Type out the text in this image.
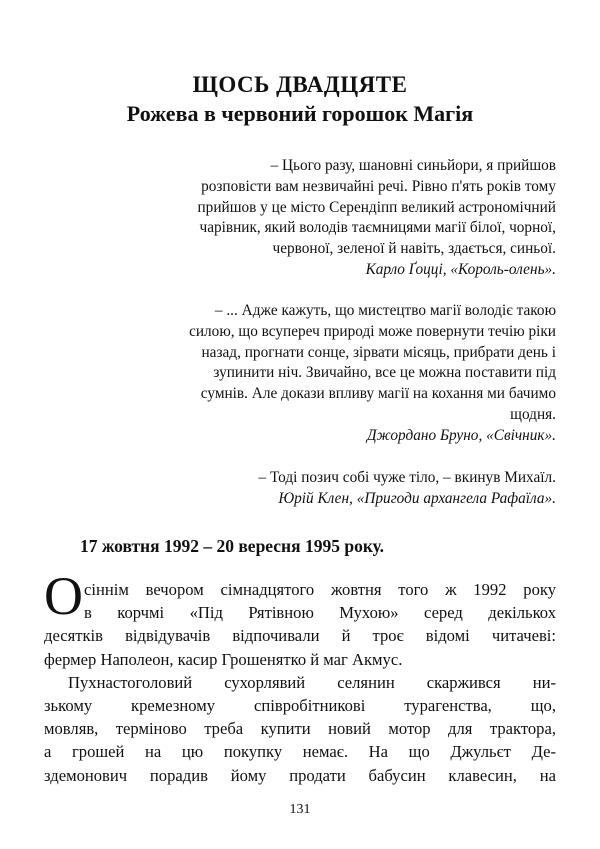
ЩОСЬ ДВАДЦЯТЕ
Рожева в червоний горошок Магія
– Цього разу, шановні синьйори, я прийшов
розповісти вам незвичайні речі. Рівно п'ять років тому
прийшов у це місто Серендіпп великий астрономічний
чарівник, який володів таємницями магії білої, чорної,
червоної, зеленої й навіть, здається, синьої.
Карло Ґоцці, «Король-олень».
– ... Адже кажуть, що мистецтво магії володіє такою
силою, що всупереч природі може повернути течію ріки
назад, прогнати сонце, зірвати місяць, прибрати день і
зупинити ніч. Звичайно, все це можна поставити під
сумнів. Але докази впливу магії на кохання ми бачимо
щодня.
Джордано Бруно, «Свічник».
– Тоді позич собі чуже тіло, – вкинув Михаїл.
Юрій Клен, «Пригоди архангела Рафаїла».
17 жовтня 1992 – 20 вересня 1995 року.
О сіннім вечором сімнадцятого жовтня того ж 1992 року
в корчмі «Під Рятівною Мухою» серед декількох
десятків відвідувачів відпочивали й троє відомі читачеві:
фермер Наполеон, касир Грошенятко й маг Акмус.
Пухнастоголовий сухорлявий селянин скаржився ни-
зькому кремезному співробітникові турагенства, що,
мовляв, терміново треба купити новий мотор для трактора,
а грошей на цю покупку немає. На що Джульєт Де-
здемонович порадив йому продати бабусин клавесин, на
131
